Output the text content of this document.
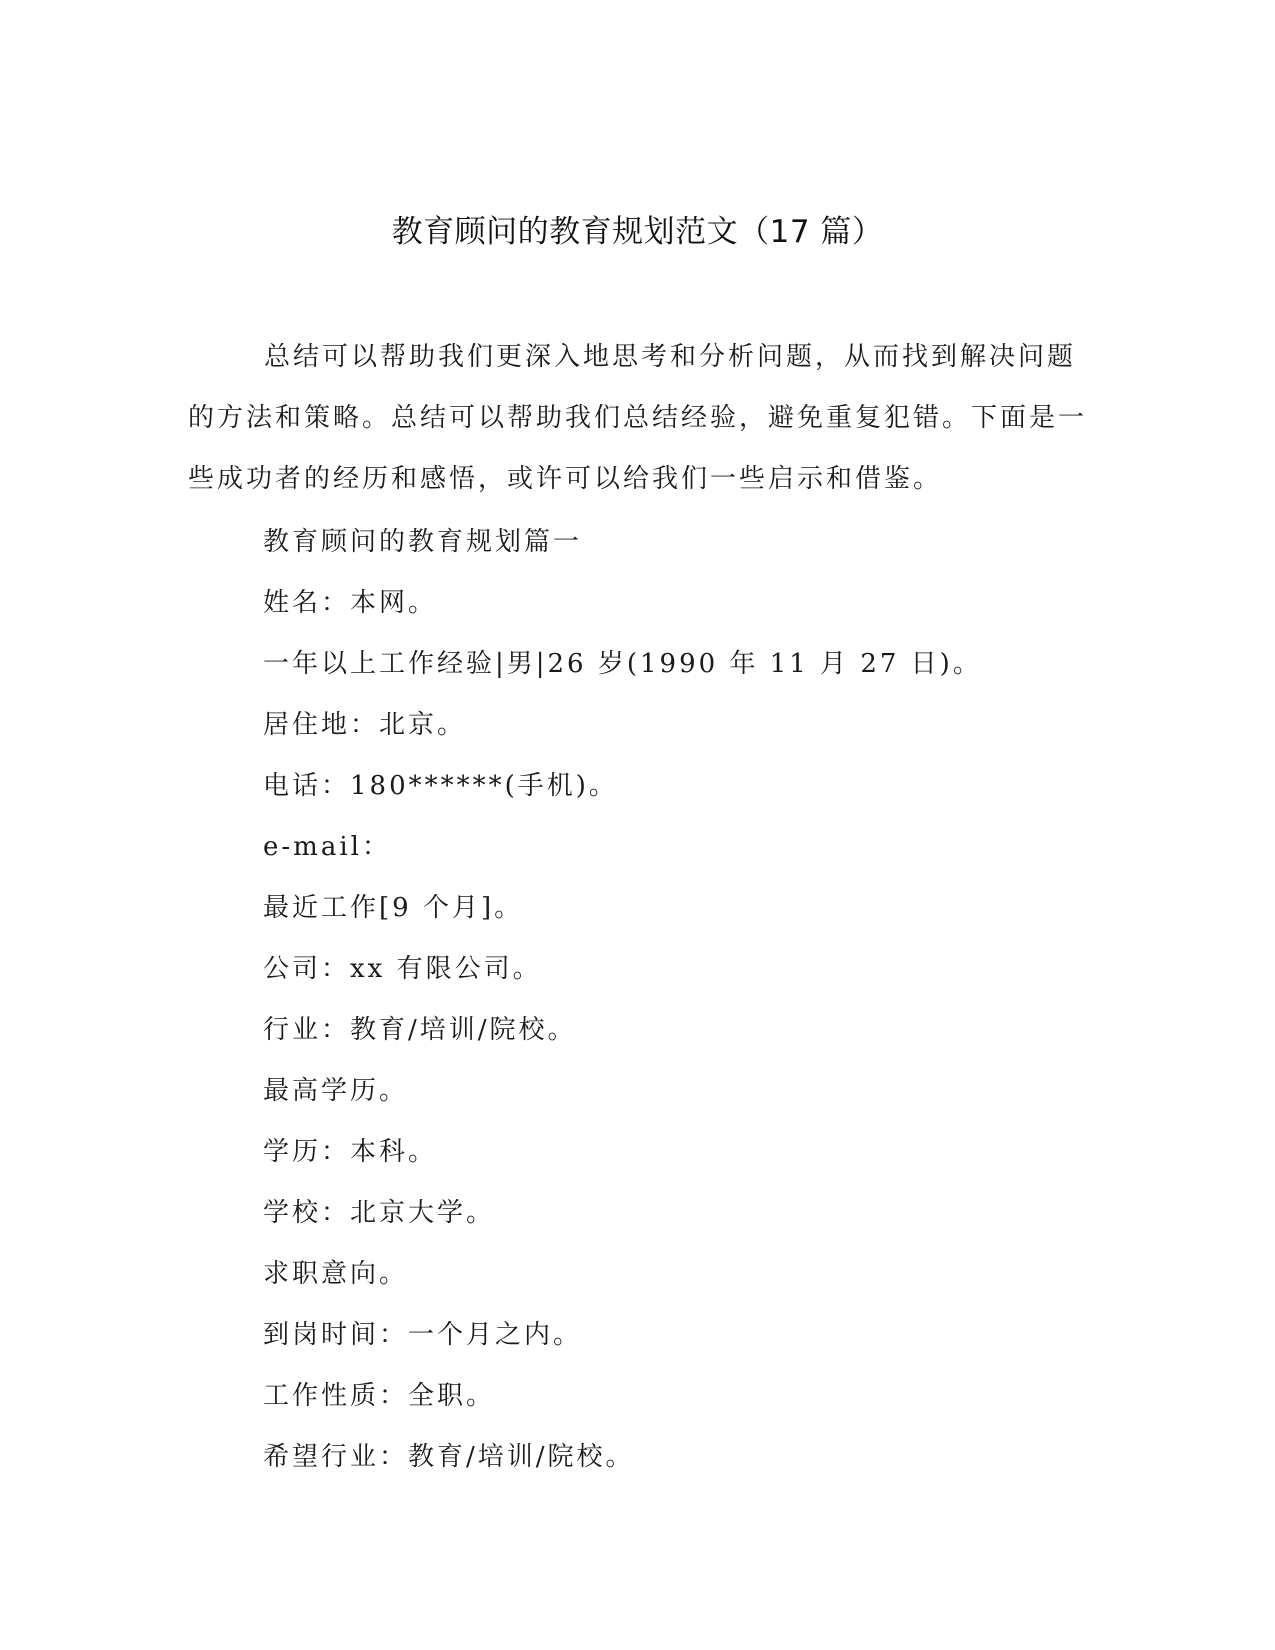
教育顾问的教育规划范文（17 篇）

总结可以帮助我们更深入地思考和分析问题，从而找到解决问题的方法和策略。总结可以帮助我们总结经验，避免重复犯错。下面是一些成功者的经历和感悟，或许可以给我们一些启示和借鉴。

教育顾问的教育规划篇一
姓名：本网。
一年以上工作经验|男|26 岁(1990 年 11 月 27 日)。
居住地：北京。
电话：180******(手机)。
e-mail：
最近工作[9 个月]。
公司：xx 有限公司。
行业：教育/培训/院校。
最高学历。
学历：本科。
学校：北京大学。
求职意向。
到岗时间：一个月之内。
工作性质：全职。
希望行业：教育/培训/院校。
